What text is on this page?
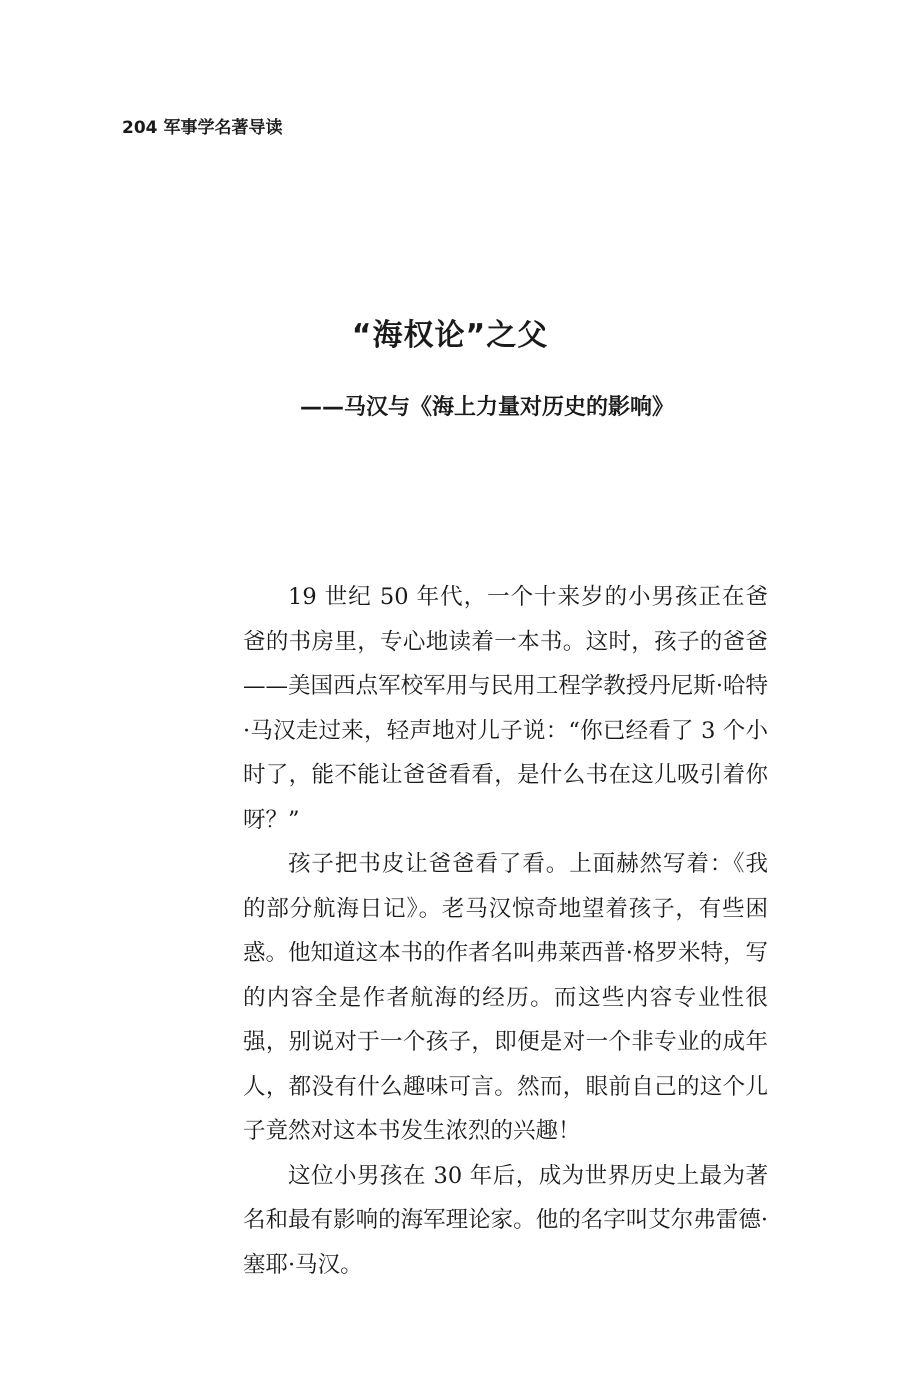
204 军事学名著导读
“海权论”之父
——马汉与《海上力量对历史的影响》

19 世纪 50 年代，一个十来岁的小男孩正在爸爸的书房里，专心地读着一本书。这时，孩子的爸爸——美国西点军校军用与民用工程学教授丹尼斯·哈特·马汉走过来，轻声地对儿子说：“你已经看了 3 个小时了，能不能让爸爸看看，是什么书在这儿吸引着你呀？”

孩子把书皮让爸爸看了看。上面赫然写着：《我的部分航海日记》。老马汉惊奇地望着孩子，有些困惑。他知道这本书的作者名叫弗莱西普·格罗米特，写的内容全是作者航海的经历。而这些内容专业性很强，别说对于一个孩子，即便是对一个非专业的成年人，都没有什么趣味可言。然而，眼前自己的这个儿子竟然对这本书发生浓烈的兴趣！

这位小男孩在 30 年后，成为世界历史上最为著名和最有影响的海军理论家。他的名字叫艾尔弗雷德·塞耶·马汉。
